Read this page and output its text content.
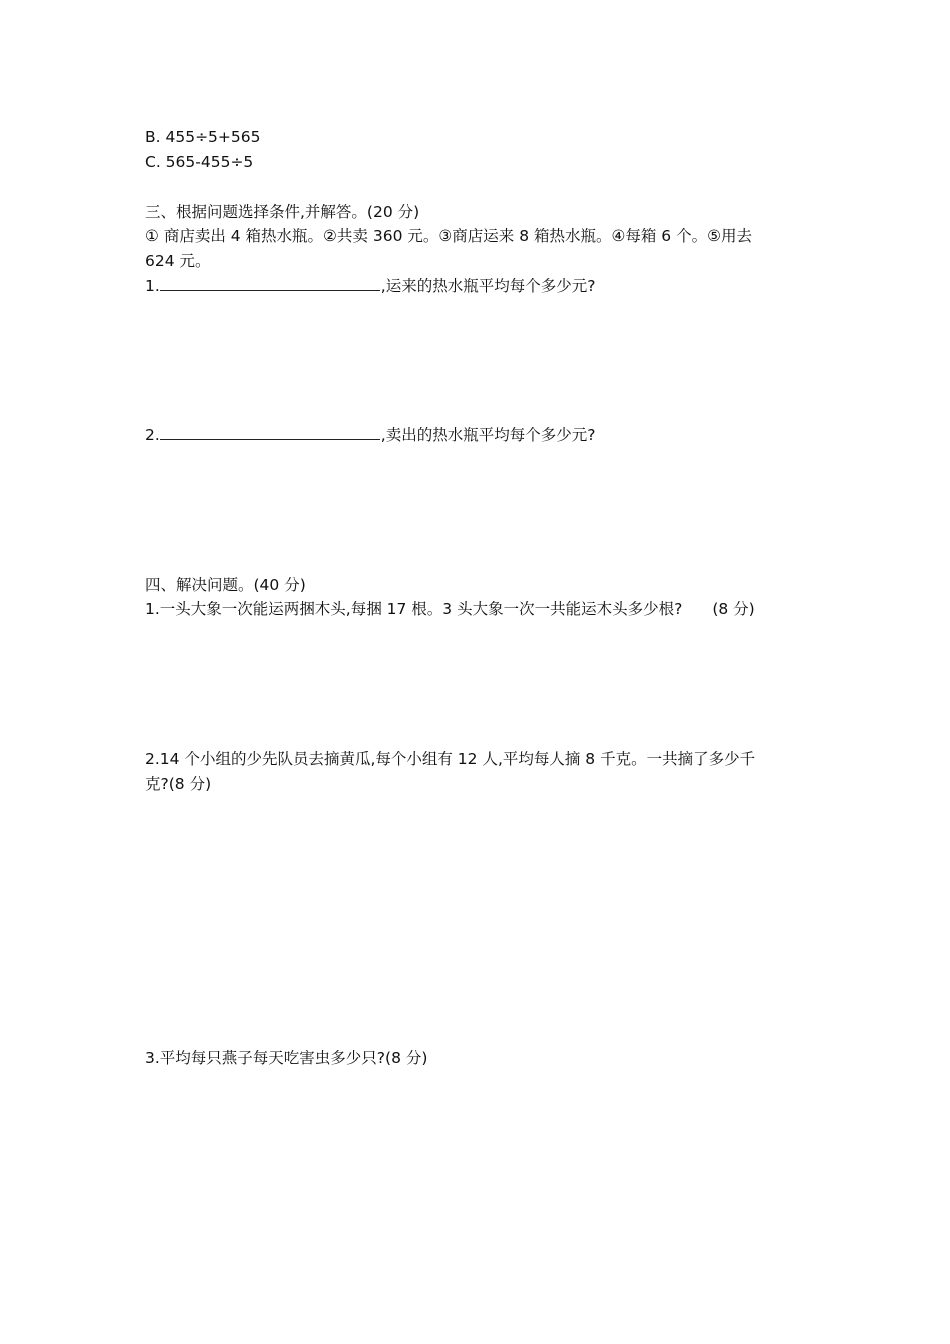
B. 455÷5+565
C. 565-455÷5
三、根据问题选择条件,并解答。(20 分)
① 商店卖出 4 箱热水瓶。②共卖 360 元。③商店运来 8 箱热水瓶。④每箱 6 个。⑤用去
624 元。
1.	,运来的热水瓶平均每个多少元?
2.	,卖出的热水瓶平均每个多少元?
四、解决问题。(40 分)
1.一头大象一次能运两捆木头,每捆 17 根。3 头大象一次一共能运木头多少根? (8 分)
2.14 个小组的少先队员去摘黄瓜,每个小组有 12 人,平均每人摘 8 千克。一共摘了多少千
克?(8 分)
3.平均每只燕子每天吃害虫多少只?(8 分)
